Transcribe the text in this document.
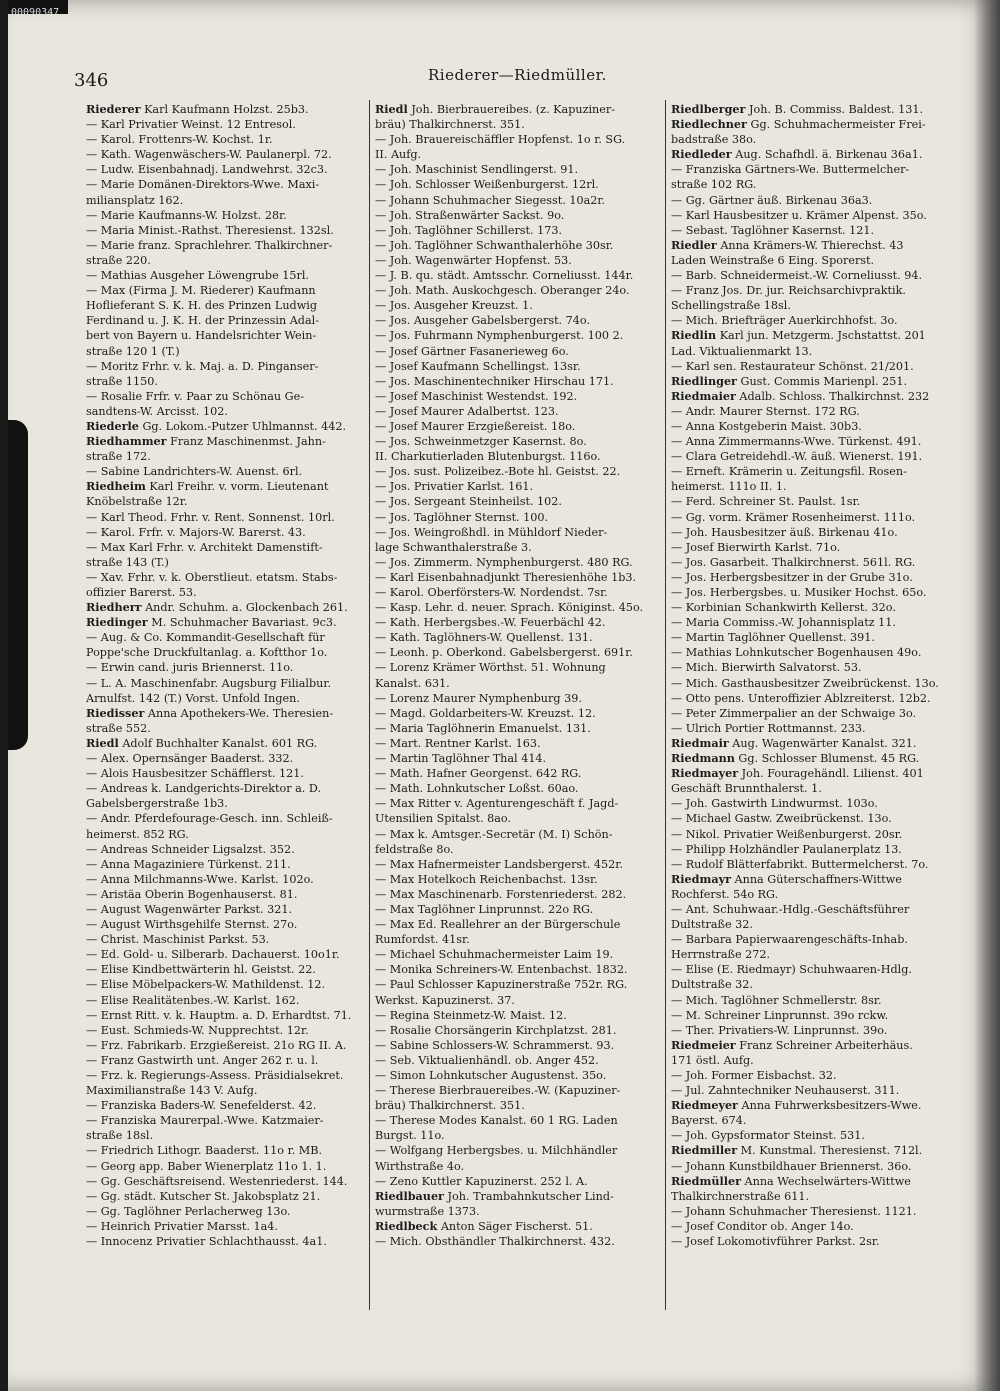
00090347
346	Riederer—Riedmüller.
Riederer Karl Kaufmann Holzst. 25b3.
— Karl Privatier Weinst. 12 Entresol.
— Karol. Frottenrs-W. Kochst. 1r.
— Kath. Wagenwäschers-W. Paulanerpl. 72.
— Ludw. Eisenbahnadj. Landwehrst. 32c3.
— Marie Domänen-Direktors-Wwe. Maxi-
miliansplatz 162.
— Marie Kaufmanns-W. Holzst. 28r.
— Maria Minist.-Rathst. Theresienst. 132sl.
— Marie franz. Sprachlehrer. Thalkirchner-
straße 220.
— Mathias Ausgeher Löwengrube 15rl.
— Max (Firma J. M. Riederer) Kaufmann
Hoflieferant S. K. H. des Prinzen Ludwig
Ferdinand u. J. K. H. der Prinzessin Adal-
bert von Bayern u. Handelsrichter Wein-
straße 120 1 (T.)
— Moritz Frhr. v. k. Maj. a. D. Pinganser-
straße 1150.
— Rosalie Frfr. v. Paar zu Schönau Ge-
sandtens-W. Arcisst. 102.
Riederle Gg. Lokom.-Putzer Uhlmannst. 442.
Riedhammer Franz Maschinenmst. Jahn-
straße 172.
— Sabine Landrichters-W. Auenst. 6rl.
Riedheim Karl Freihr. v. vorm. Lieutenant
Knöbelstraße 12r.
— Karl Theod. Frhr. v. Rent. Sonnenst. 10rl.
— Karol. Frfr. v. Majors-W. Barerst. 43.
— Max Karl Frhr. v. Architekt Damenstift-
straße 143 (T.)
— Xav. Frhr. v. k. Oberstlieut. etatsm. Stabs-
offizier Barerst. 53.
Riedherr Andr. Schuhm. a. Glockenbach 261.
Riedinger M. Schuhmacher Bavariast. 9c3.
— Aug. & Co. Kommandit-Gesellschaft für
Poppe'sche Druckfultanlag. a. Koftthor 1o.
— Erwin cand. juris Briennerst. 11o.
— L. A. Maschinenfabr. Augsburg Filialbur.
Arnulfst. 142 (T.) Vorst. Unfold Ingen.
Riedisser Anna Apothekers-We. Theresien-
straße 552.
Riedl Adolf Buchhalter Kanalst. 601 RG.
— Alex. Opernsänger Baaderst. 332.
— Alois Hausbesitzer Schäfflerst. 121.
— Andreas k. Landgerichts-Direktor a. D.
Gabelsbergerstraße 1b3.
— Andr. Pferdefourage-Gesch. inn. Schleiß-
heimerst. 852 RG.
— Andreas Schneider Ligsalzst. 352.
— Anna Magaziniere Türkenst. 211.
— Anna Milchmanns-Wwe. Karlst. 102o.
— Aristäa Oberin Bogenhauserst. 81.
— August Wagenwärter Parkst. 321.
— August Wirthsgehilfe Sternst. 27o.
— Christ. Maschinist Parkst. 53.
— Ed. Gold- u. Silberarb. Dachauerst. 10o1r.
— Elise Kindbettwärterin hl. Geistst. 22.
— Elise Möbelpackers-W. Mathildenst. 12.
— Elise Realitätenbes.-W. Karlst. 162.
— Ernst Ritt. v. k. Hauptm. a. D. Erhardtst. 71.
— Eust. Schmieds-W. Nupprechtst. 12r.
— Frz. Fabrikarb. Erzgießereist. 21o RG II. A.
— Franz Gastwirth unt. Anger 262 r. u. l.
— Frz. k. Regierungs-Assess. Präsidialsekret.
Maximilianstraße 143 V. Aufg.
— Franziska Baders-W. Senefelderst. 42.
— Franziska Maurerpal.-Wwe. Katzmaier-
straße 18sl.
— Friedrich Lithogr. Baaderst. 11o r. MB.
— Georg app. Baber Wienerplatz 11o 1. 1.
— Gg. Geschäftsreisend. Westenriederst. 144.
— Gg. städt. Kutscher St. Jakobsplatz 21.
— Gg. Taglöhner Perlacherweg 13o.
— Heinrich Privatier Marsst. 1a4.
— Innocenz Privatier Schlachthausst. 4a1.
Riedl Joh. Bierbrauereibes. (z. Kapuziner-
bräu) Thalkirchnerst. 351.
— Joh. Brauereischäffler Hopfenst. 1o r. SG.
II. Aufg.
— Joh. Maschinist Sendlingerst. 91.
— Joh. Schlosser Weißenburgerst. 12rl.
— Johann Schuhmacher Siegesst. 10a2r.
— Joh. Straßenwärter Sackst. 9o.
— Joh. Taglöhner Schillerst. 173.
— Joh. Taglöhner Schwanthalerhöhe 30sr.
— Joh. Wagenwärter Hopfenst. 53.
— J. B. qu. städt. Amtsschr. Corneliusst. 144r.
— Joh. Math. Auskochgesch. Oberanger 24o.
— Jos. Ausgeher Kreuzst. 1.
— Jos. Ausgeher Gabelsbergerst. 74o.
— Jos. Fuhrmann Nymphenburgerst. 100 2.
— Josef Gärtner Fasanerieweg 6o.
— Josef Kaufmann Schellingst. 13sr.
— Jos. Maschinentechniker Hirschau 171.
— Josef Maschinist Westendst. 192.
— Josef Maurer Adalbertst. 123.
— Josef Maurer Erzgießereist. 18o.
— Jos. Schweinmetzger Kasernst. 8o.
II. Charkutierladen Blutenburgst. 116o.
— Jos. sust. Polizeibez.-Bote hl. Geistst. 22.
— Jos. Privatier Karlst. 161.
— Jos. Sergeant Steinheilst. 102.
— Jos. Taglöhner Sternst. 100.
— Jos. Weingroßhdl. in Mühldorf Nieder-
lage Schwanthalerstraße 3.
— Jos. Zimmerm. Nymphenburgerst. 480 RG.
— Karl Eisenbahnadjunkt Theresienhöhe 1b3.
— Karol. Oberförsters-W. Nordendst. 7sr.
— Kasp. Lehr. d. neuer. Sprach. Königinst. 45o.
— Kath. Herbergsbes.-W. Feuerbächl 42.
— Kath. Taglöhners-W. Quellenst. 131.
— Leonh. p. Oberkond. Gabelsbergerst. 691r.
— Lorenz Krämer Wörthst. 51. Wohnung
Kanalst. 631.
— Lorenz Maurer Nymphenburg 39.
— Magd. Goldarbeiters-W. Kreuzst. 12.
— Maria Taglöhnerin Emanuelst. 131.
— Mart. Rentner Karlst. 163.
— Martin Taglöhner Thal 414.
— Math. Hafner Georgenst. 642 RG.
— Math. Lohnkutscher Loßst. 60ao.
— Max Ritter v. Agenturengeschäft f. Jagd-
Utensilien Spitalst. 8ao.
— Max k. Amtsger.-Secretär (M. I) Schön-
feldstraße 8o.
— Max Hafnermeister Landsbergerst. 452r.
— Max Hotelkoch Reichenbachst. 13sr.
— Max Maschinenarb. Forstenriederst. 282.
— Max Taglöhner Linprunnst. 22o RG.
— Max Ed. Reallehrer an der Bürgerschule
Rumfordst. 41sr.
— Michael Schuhmachermeister Laim 19.
— Monika Schreiners-W. Entenbachst. 1832.
— Paul Schlosser Kapuzinerstraße 752r. RG.
Werkst. Kapuzinerst. 37.
— Regina Steinmetz-W. Maist. 12.
— Rosalie Chorsängerin Kirchplatzst. 281.
— Sabine Schlossers-W. Schrammerst. 93.
— Seb. Viktualienhändl. ob. Anger 452.
— Simon Lohnkutscher Augustenst. 35o.
— Therese Bierbrauereibes.-W. (Kapuziner-
bräu) Thalkirchnerst. 351.
— Therese Modes Kanalst. 60 1 RG. Laden
Burgst. 11o.
— Wolfgang Herbergsbes. u. Milchhändler
Wirthstraße 4o.
— Zeno Kuttler Kapuzinerst. 252 l. A.
Riedlbauer Joh. Trambahnkutscher Lind-
wurmstraße 1373.
Riedlbeck Anton Säger Fischerst. 51.
— Mich. Obsthändler Thalkirchnerst. 432.
Riedlberger Joh. B. Commiss. Baldest. 131.
Riedlechner Gg. Schuhmachermeister Frei-
badstraße 38o.
Riedleder Aug. Schafhdl. ä. Birkenau 36a1.
— Franziska Gärtners-We. Buttermelcher-
straße 102 RG.
— Gg. Gärtner äuß. Birkenau 36a3.
— Karl Hausbesitzer u. Krämer Alpenst. 35o.
— Sebast. Taglöhner Kasernst. 121.
Riedler Anna Krämers-W. Thierechst. 43
Laden Weinstraße 6 Eing. Sporerst.
— Barb. Schneidermeist.-W. Corneliusst. 94.
— Franz Jos. Dr. jur. Reichsarchivpraktik.
Schellingstraße 18sl.
— Mich. Briefträger Auerkirchhofst. 3o.
Riedlin Karl jun. Metzgerm. Jschstattst. 201
Lad. Viktualienmarkt 13.
— Karl sen. Restaurateur Schönst. 21/201.
Riedlinger Gust. Commis Marienpl. 251.
Riedmaier Adalb. Schloss. Thalkirchnst. 232
— Andr. Maurer Sternst. 172 RG.
— Anna Kostgeberin Maist. 30b3.
— Anna Zimmermanns-Wwe. Türkenst. 491.
— Clara Getreidehdl.-W. äuß. Wienerst. 191.
— Erneft. Krämerin u. Zeitungsfil. Rosen-
heimerst. 111o II. 1.
— Ferd. Schreiner St. Paulst. 1sr.
— Gg. vorm. Krämer Rosenheimerst. 111o.
— Joh. Hausbesitzer äuß. Birkenau 41o.
— Josef Bierwirth Karlst. 71o.
— Jos. Gasarbeit. Thalkirchnerst. 561l. RG.
— Jos. Herbergsbesitzer in der Grube 31o.
— Jos. Herbergsbes. u. Musiker Hochst. 65o.
— Korbinian Schankwirth Kellerst. 32o.
— Maria Commiss.-W. Johannisplatz 11.
— Martin Taglöhner Quellenst. 391.
— Mathias Lohnkutscher Bogenhausen 49o.
— Mich. Bierwirth Salvatorst. 53.
— Mich. Gasthausbesitzer Zweibrückenst. 13o.
— Otto pens. Unteroffizier Ablzreiterst. 12b2.
— Peter Zimmerpalier an der Schwaige 3o.
— Ulrich Portier Rottmannst. 233.
Riedmair Aug. Wagenwärter Kanalst. 321.
Riedmann Gg. Schlosser Blumenst. 45 RG.
Riedmayer Joh. Fouragehändl. Lilienst. 401
Geschäft Brunnthalerst. 1.
— Joh. Gastwirth Lindwurmst. 103o.
— Michael Gastw. Zweibrückenst. 13o.
— Nikol. Privatier Weißenburgerst. 20sr.
— Philipp Holzhändler Paulanerplatz 13.
— Rudolf Blätterfabrikt. Buttermelcherst. 7o.
Riedmayr Anna Güterschaffners-Wittwe
Rochferst. 54o RG.
— Ant. Schuhwaar.-Hdlg.-Geschäftsführer
Dultstraße 32.
— Barbara Papierwaarengeschäfts-Inhab.
Herrnstraße 272.
— Elise (E. Riedmayr) Schuhwaaren-Hdlg.
Dultstraße 32.
— Mich. Taglöhner Schmellerstr. 8sr.
— M. Schreiner Linprunnst. 39o rckw.
— Ther. Privatiers-W. Linprunnst. 39o.
Riedmeier Franz Schreiner Arbeiterhäus.
171 östl. Aufg.
— Joh. Former Eisbachst. 32.
— Jul. Zahntechniker Neuhauserst. 311.
Riedmeyer Anna Fuhrwerksbesitzers-Wwe.
Bayerst. 674.
— Joh. Gypsformator Steinst. 531.
Riedmiller M. Kunstmal. Theresienst. 712l.
— Johann Kunstbildhauer Briennerst. 36o.
Riedmüller Anna Wechselwärters-Wittwe
Thalkirchnerstraße 611.
— Johann Schuhmacher Theresienst. 1121.
— Josef Conditor ob. Anger 14o.
— Josef Lokomotivführer Parkst. 2sr.
